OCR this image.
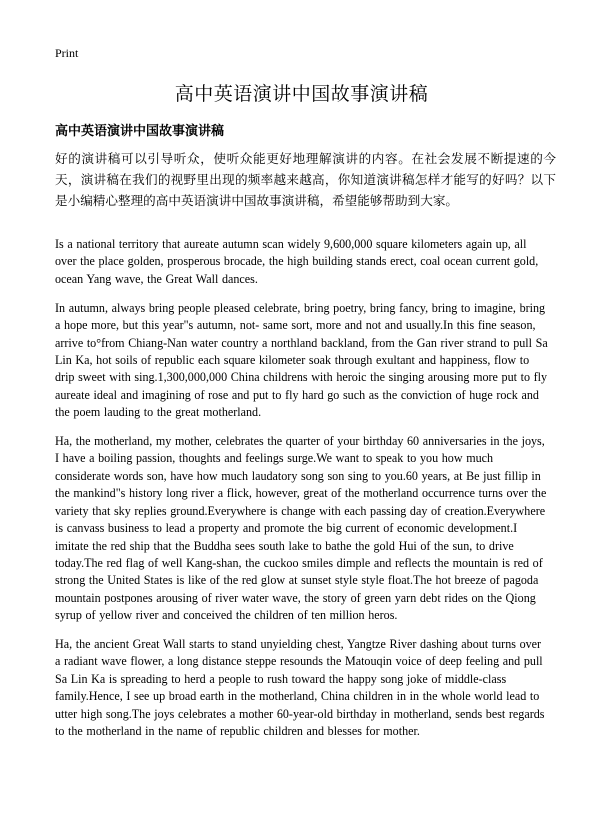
Print
高中英语演讲中国故事演讲稿
高中英语演讲中国故事演讲稿

好的演讲稿可以引导听众，使听众能更好地理解演讲的内容。在社会发展不断提速的今天，演讲稿在我们的视野里出现的频率越来越高，你知道演讲稿怎样才能写的好吗？以下是小编精心整理的高中英语演讲中国故事演讲稿，希望能够帮助到大家。

Is a national territory that aureate autumn scan widely 9,600,000 square kilometers again up, all over the place golden, prosperous brocade, the high building stands erect, coal ocean current gold, ocean Yang wave, the Great Wall dances.

In autumn, always bring people pleased celebrate, bring poetry, bring fancy, bring to imagine, bring a hope more, but this year"s autumn, not- same sort, more and not and usually.In this fine season, arrive to°from Chiang-Nan water country a northland backland, from the Gan river strand to pull Sa Lin Ka, hot soils of republic each square kilometer soak through exultant and happiness, flow to drip sweet with sing.1,300,000,000 China childrens with heroic the singing arousing more put to fly aureate ideal and imagining of rose and put to fly hard go such as the conviction of huge rock and the poem lauding to the great motherland.

Ha, the motherland, my mother, celebrates the quarter of your birthday 60 anniversaries in the joys, I have a boiling passion, thoughts and feelings surge.We want to speak to you how much considerate words son, have how much laudatory song son sing to you.60 years, at Be just fillip in the mankind"s history long river a flick, however, great of the motherland occurrence turns over the variety that sky replies ground.Everywhere is change with each passing day of creation.Everywhere is canvass business to lead a property and promote the big current of economic development.I imitate the red ship that the Buddha sees south lake to bathe the gold Hui of the sun, to drive today.The red flag of well Kang-shan, the cuckoo smiles dimple and reflects the mountain is red of strong the United States is like of the red glow at sunset style style float.The hot breeze of pagoda mountain postpones arousing of river water wave, the story of green yarn debt rides on the Qiong syrup of yellow river and conceived the children of ten million heros.

Ha, the ancient Great Wall starts to stand unyielding chest, Yangtze River dashing about turns over a radiant wave flower, a long distance steppe resounds the Matouqin voice of deep feeling and pull Sa Lin Ka is spreading to herd a people to rush toward the happy song joke of middle-class family.Hence, I see up broad earth in the motherland, China children in in the whole world lead to utter high song.The joys celebrates a mother 60-year-old birthday in motherland, sends best regards to the motherland in the name of republic children and blesses for mother.
